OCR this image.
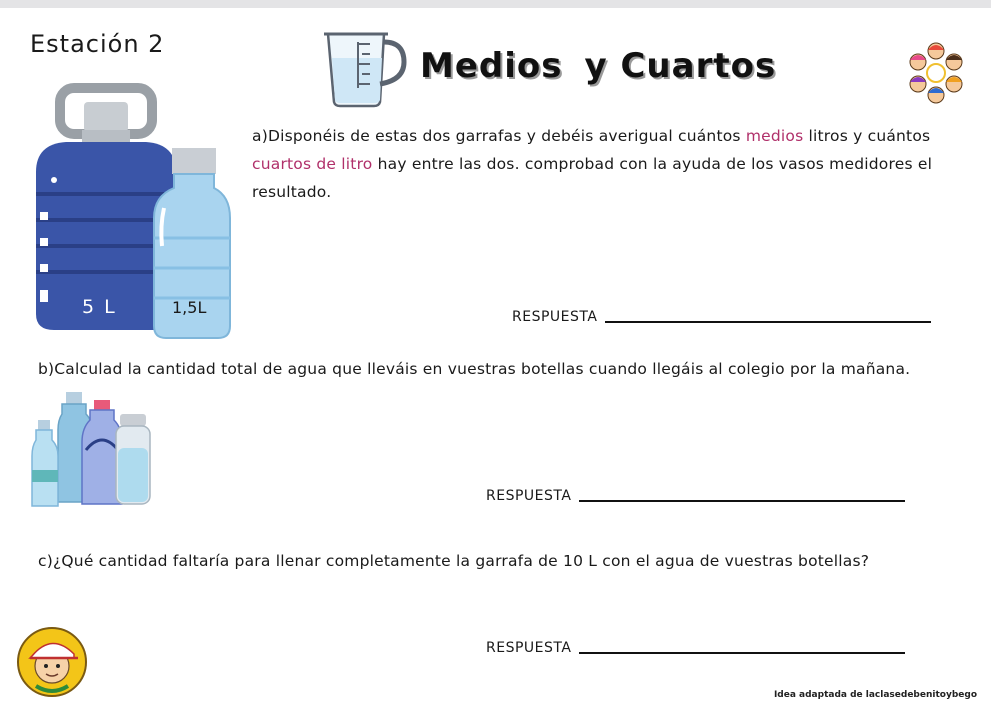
Estación 2
Medios y Cuartos
5 L	1,5L
a)Disponéis de estas dos garrafas y debéis averigual cuántos medios litros y cuántos cuartos de litro hay entre las dos. comprobad con la ayuda de los vasos medidores el resultado.
RESPUESTA
b)Calculad la cantidad total de agua que lleváis en vuestras botellas cuando llegáis al colegio por la mañana.
RESPUESTA
c)¿Qué cantidad faltaría para llenar completamente la garrafa de 10 L con el agua de vuestras botellas?
RESPUESTA
Idea adaptada de laclasedebenitoybego
